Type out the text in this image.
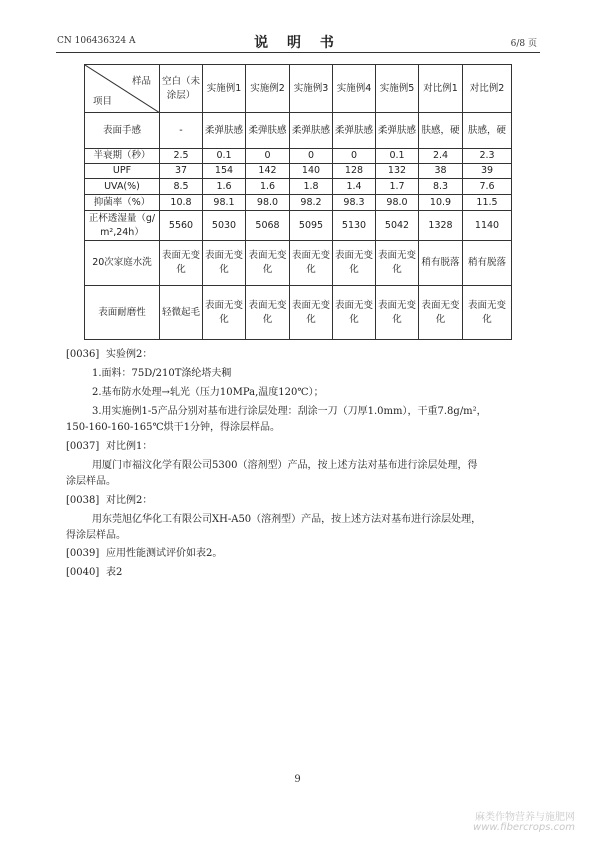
CN 106436324 A	说 明 书	6/8 页
样品
项目	空白（未涂层）	实施例1	实施例2	实施例3	实施例4	实施例5	对比例1	对比例2
表面手感	-	柔弹肤感	柔弹肤感	柔弹肤感	柔弹肤感	柔弹肤感	肤感，硬	肤感，硬
半衰期（秒）	2.5	0.1	0	0	0	0.1	2.4	2.3
UPF	37	154	142	140	128	132	38	39
UVA(%)	8.5	1.6	1.6	1.8	1.4	1.7	8.3	7.6
抑菌率（%）	10.8	98.1	98.0	98.2	98.3	98.0	10.9	11.5
正杯透湿量（g/m²,24h）	5560	5030	5068	5095	5130	5042	1328	1140
20次家庭水洗	表面无变化	表面无变化	表面无变化	表面无变化	表面无变化	表面无变化	稍有脱落	稍有脱落
表面耐磨性	轻微起毛	表面无变化	表面无变化	表面无变化	表面无变化	表面无变化	表面无变化	表面无变化
[0036] 实验例2：
1.面料：75D/210T涤纶塔夫稠
2.基布防水处理→轧光（压力10MPa,温度120℃）；
3.用实施例1-5产品分别对基布进行涂层处理：刮涂一刀（刀厚1.0mm），干重7.8g/m²，
150-160-160-165℃烘干1分钟，得涂层样品。
[0037] 对比例1：
用厦门市福汶化学有限公司5300（溶剂型）产品，按上述方法对基布进行涂层处理，得
涂层样品。
[0038] 对比例2：
用东莞旭亿华化工有限公司XH-A50（溶剂型）产品，按上述方法对基布进行涂层处理，
得涂层样品。
[0039] 应用性能测试评价如表2。
[0040] 表2
9
麻类作物营养与施肥网
www.fibercrops.com
